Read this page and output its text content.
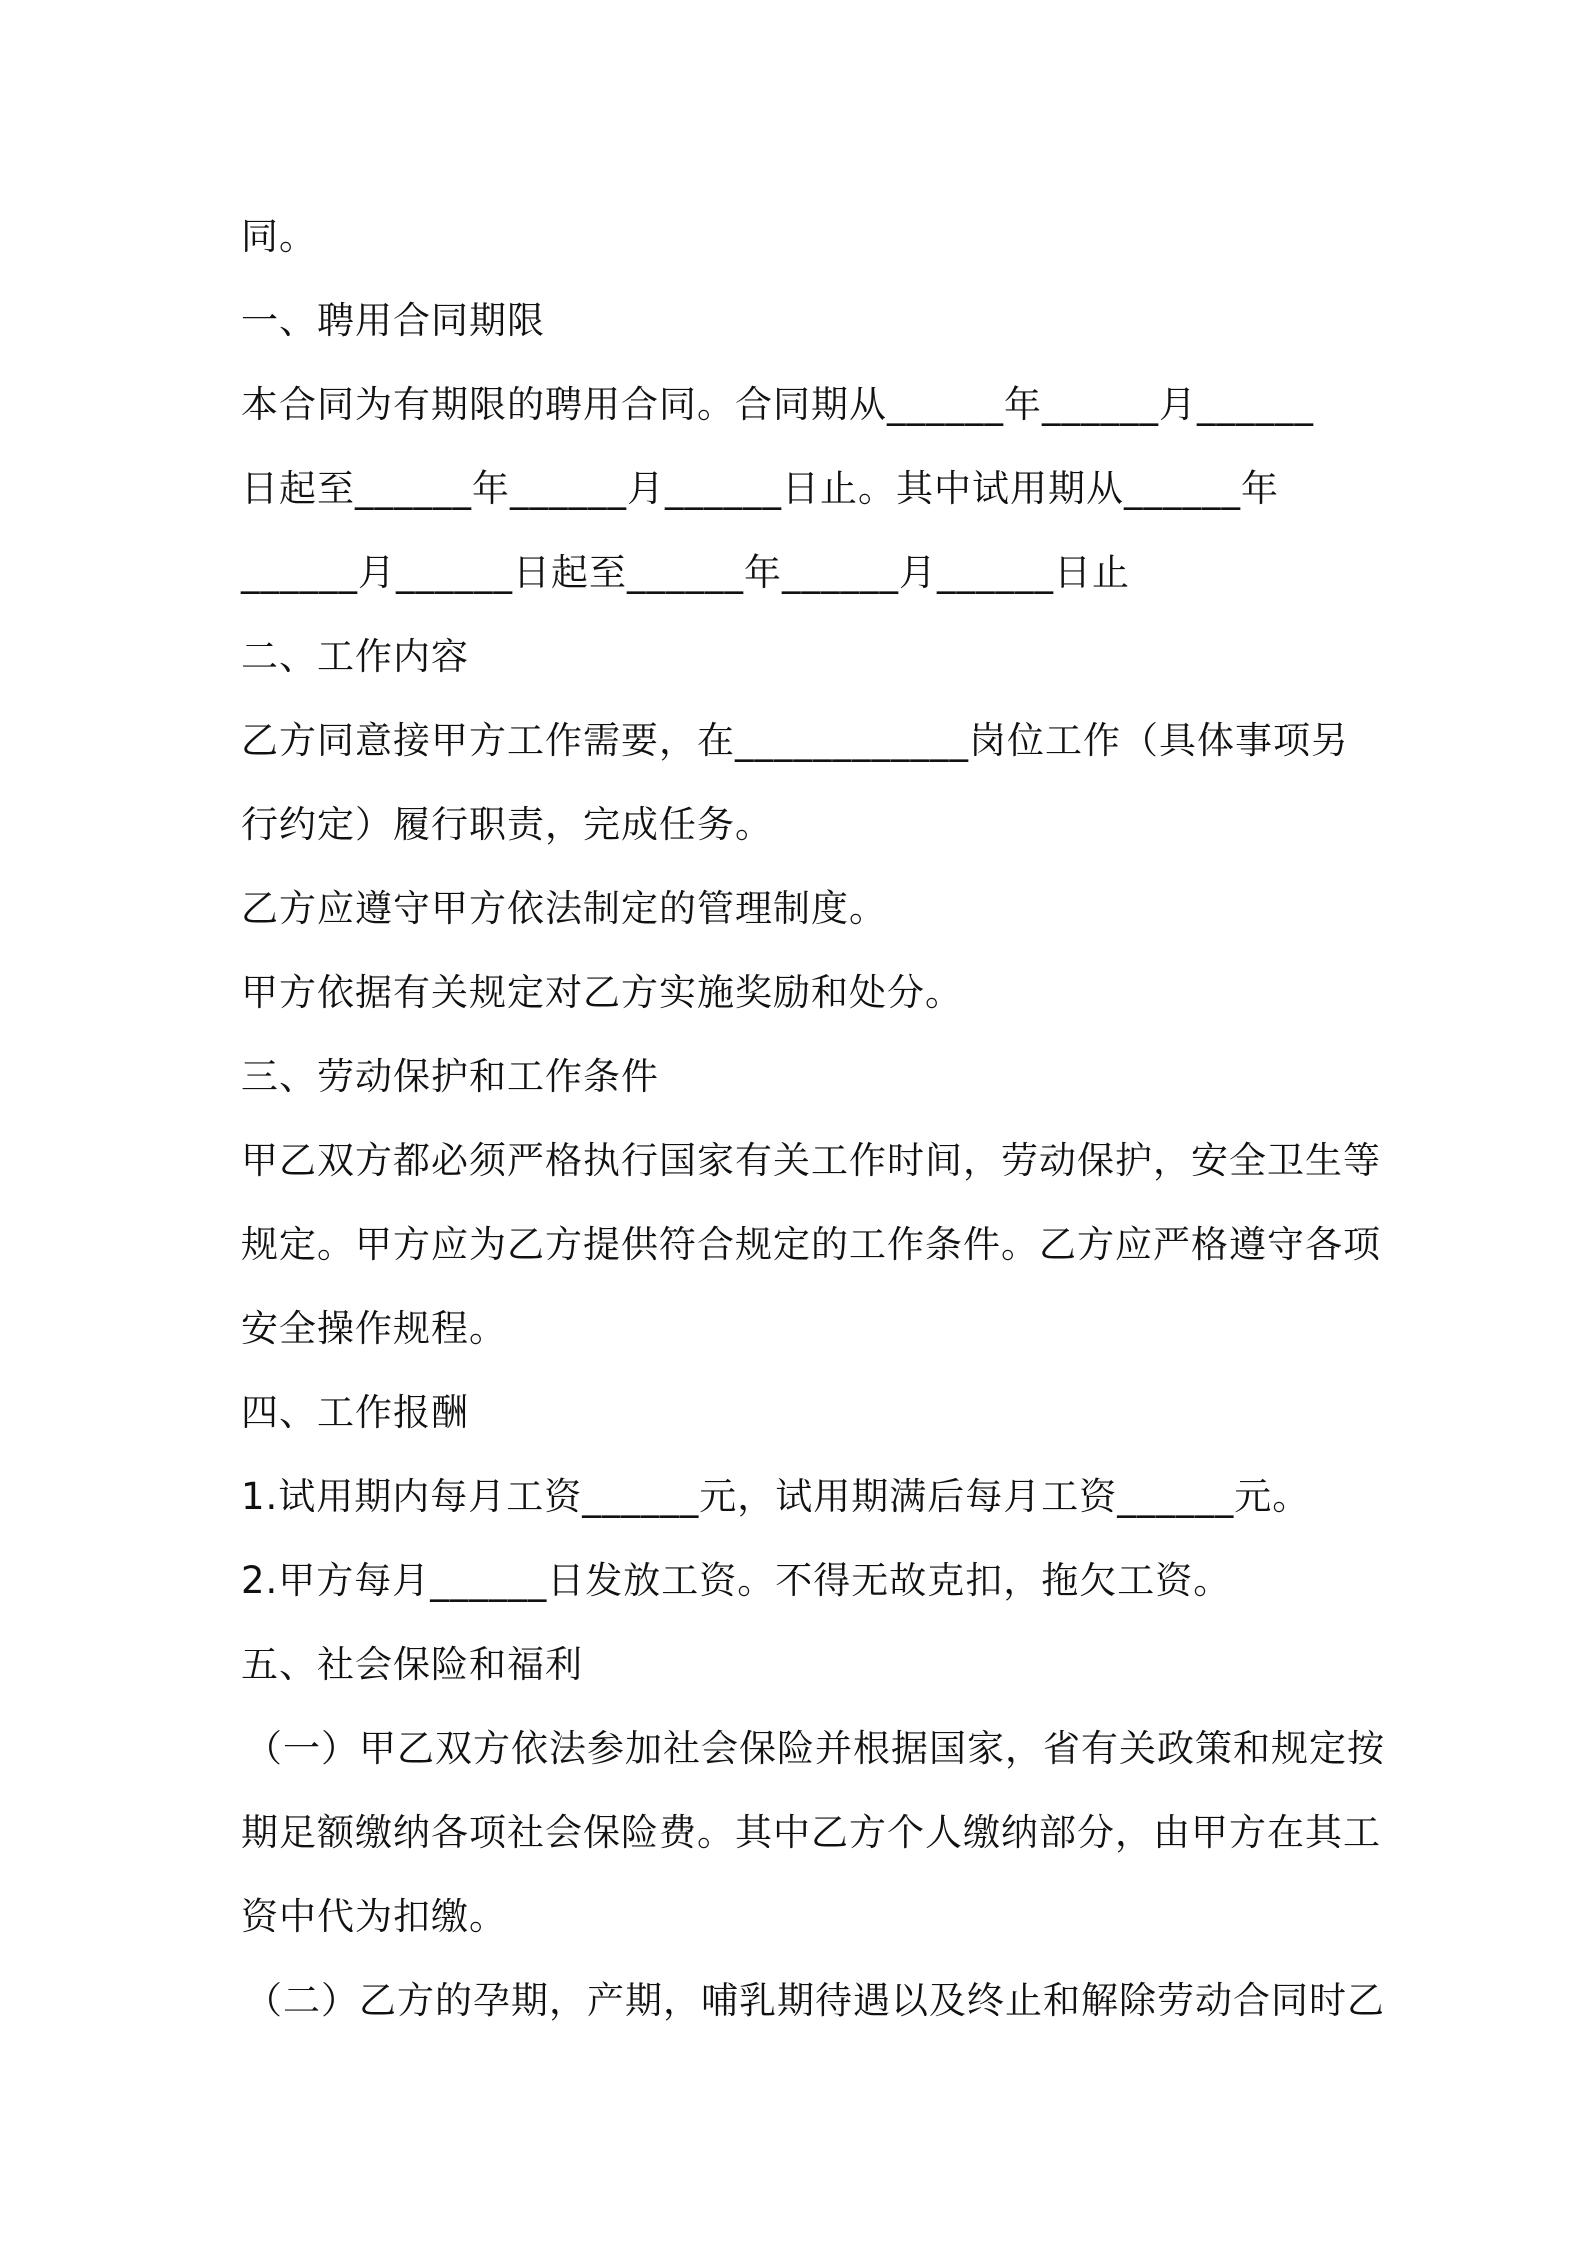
同。
一、聘用合同期限
本合同为有期限的聘用合同。合同期从______年______月______
日起至______年______月______日止。其中试用期从______年
______月______日起至______年______月______日止
二、工作内容
乙方同意接甲方工作需要，在____________岗位工作（具体事项另
行约定）履行职责，完成任务。
乙方应遵守甲方依法制定的管理制度。
甲方依据有关规定对乙方实施奖励和处分。
三、劳动保护和工作条件
甲乙双方都必须严格执行国家有关工作时间，劳动保护，安全卫生等
规定。甲方应为乙方提供符合规定的工作条件。乙方应严格遵守各项
安全操作规程。
四、工作报酬
1.试用期内每月工资______元，试用期满后每月工资______元。
2.甲方每月______日发放工资。不得无故克扣，拖欠工资。
五、社会保险和福利
（一）甲乙双方依法参加社会保险并根据国家，省有关政策和规定按
期足额缴纳各项社会保险费。其中乙方个人缴纳部分，由甲方在其工
资中代为扣缴。
（二）乙方的孕期，产期，哺乳期待遇以及终止和解除劳动合同时乙
